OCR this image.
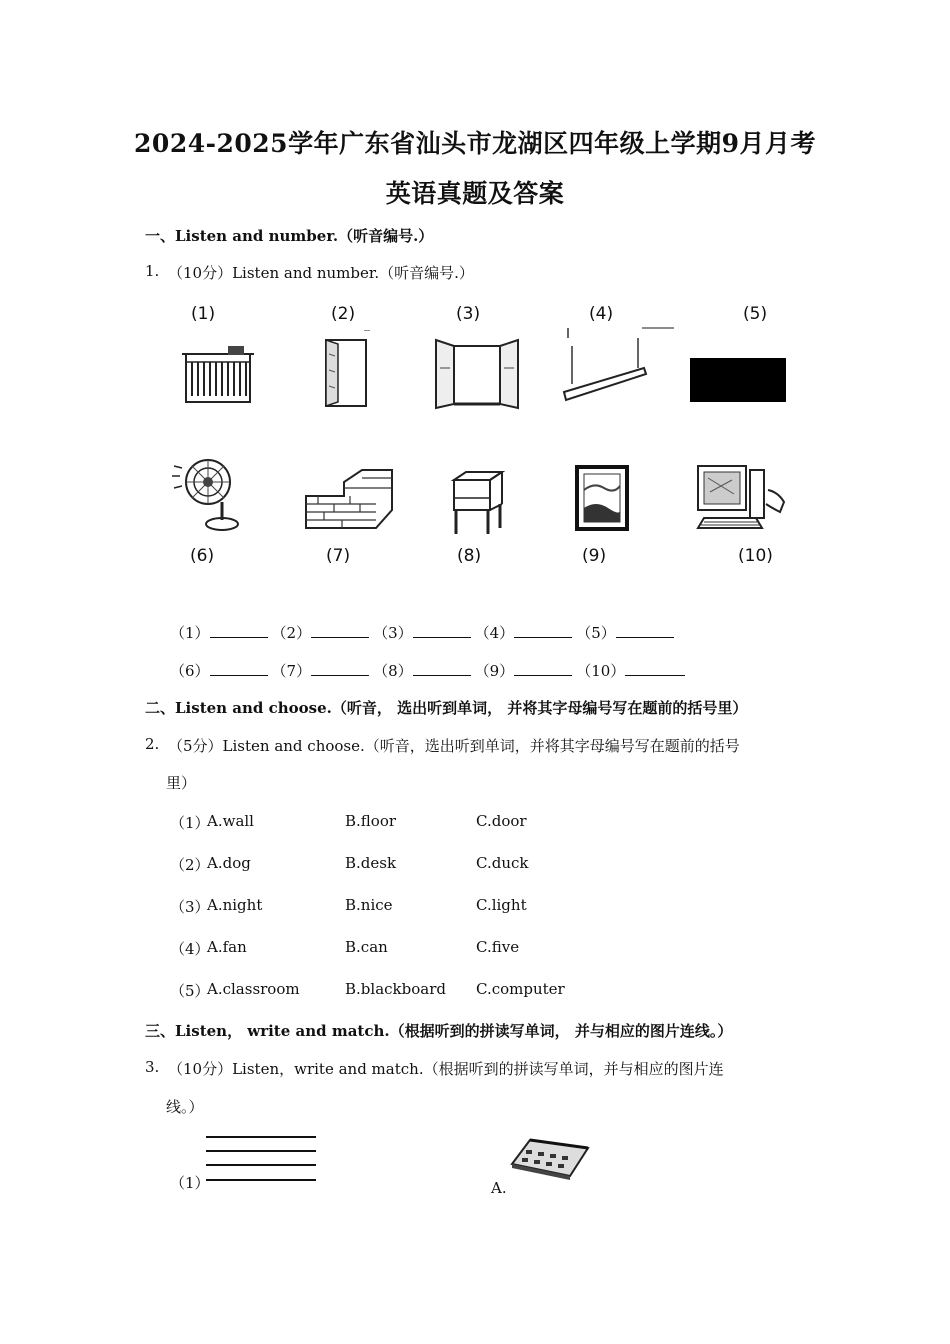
2024-2025学年广东省汕头市龙湖区四年级上学期9月月考
英语真题及答案
一、Listen and number.（听音编号.）
1. （10分）Listen and number.（听音编号.）
(1)	(2)	(3)	(4)	(5)
(6)	(7)	(8)	(9)	(10)
（1）	（2）	（3）	（4）	（5）
（6）	（7）	（8）	（9）	（10）
二、Listen and choose.（听音， 选出听到单词， 并将其字母编号写在题前的括号里）
2. （5分）Listen and choose.（听音，选出听到单词，并将其字母编号写在题前的括号
里）
（1）
A.wall	B.floor	C.door
（2）
A.dog	B.desk	C.duck
（3）
A.night	B.nice	C.light
（4）
A.fan	B.can	C.five
（5）
A.classroom	B.blackboard C.computer
三、Listen， write and match.（根据听到的拼读写单词， 并与相应的图片连线。）
3. （10分）Listen，write and match.（根据听到的拼读写单词，并与相应的图片连
线。）
（1）	A.
